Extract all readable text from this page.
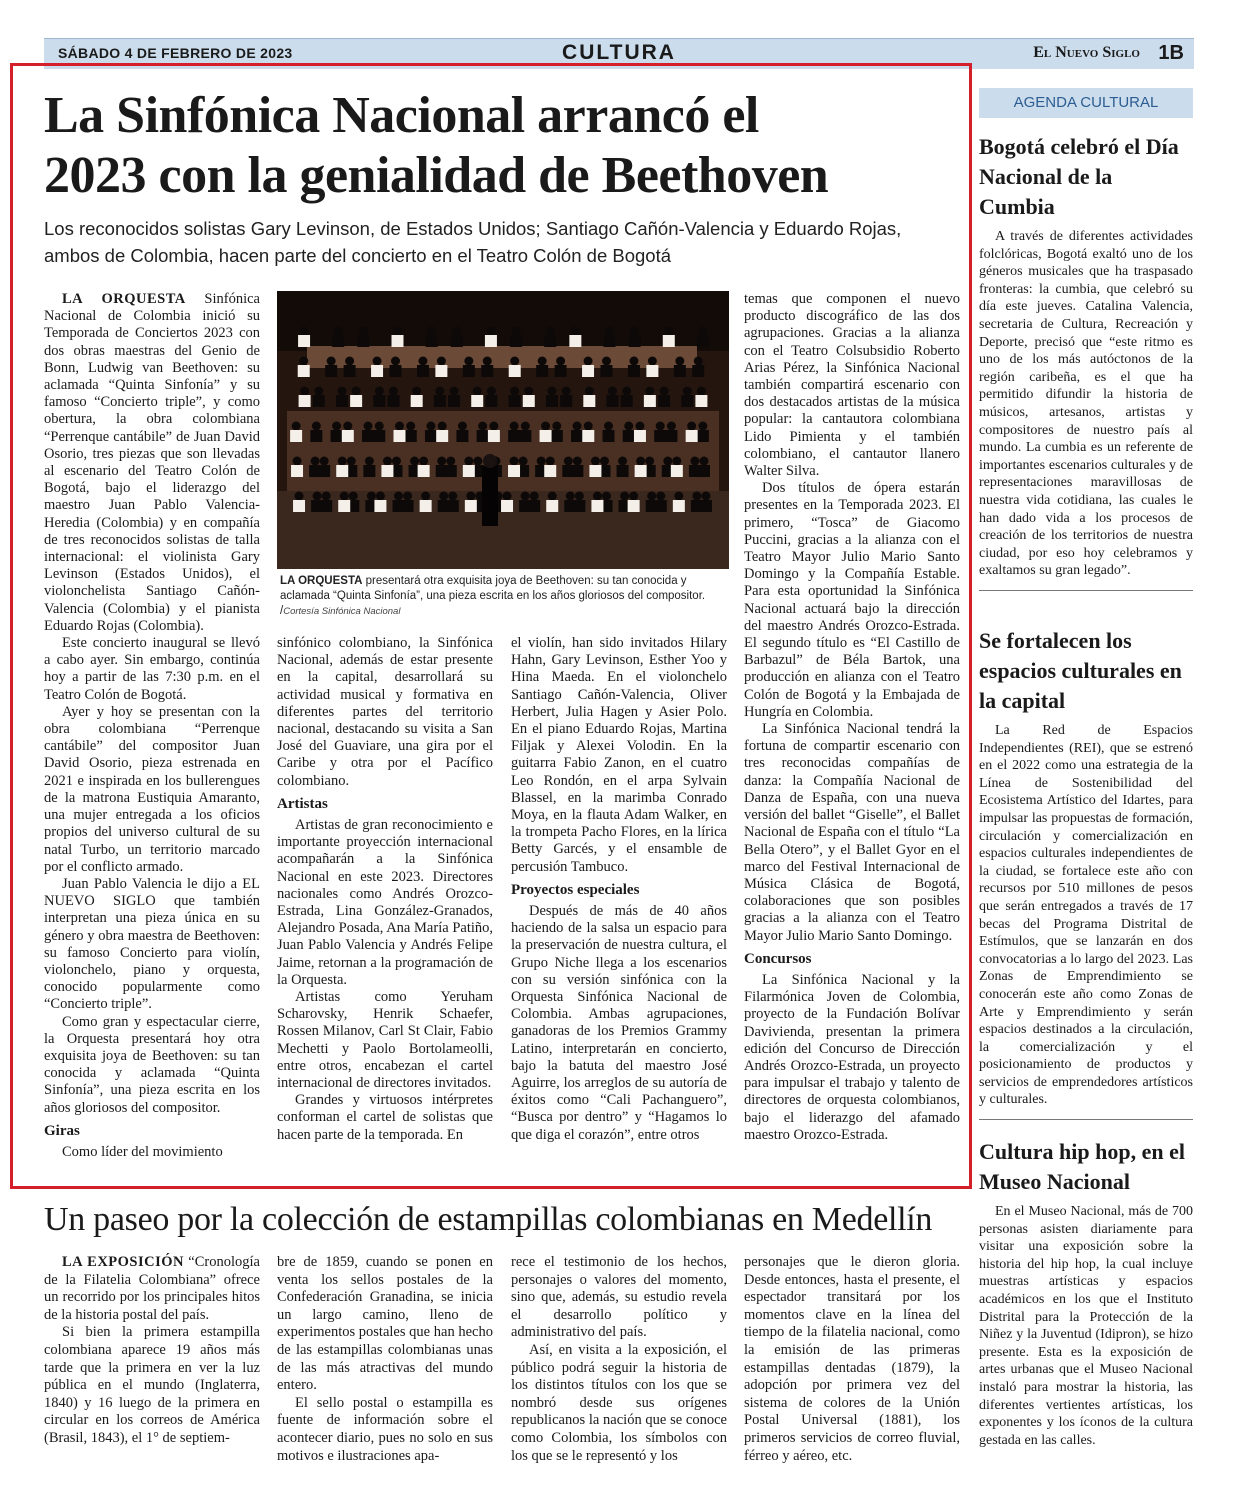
SÁBADO 4 DE FEBRERO DE 2023	CULTURA	El Nuevo Siglo 1B
La Sinfónica Nacional arrancó el
2023 con la genialidad de Beethoven
Los reconocidos solistas Gary Levinson, de Estados Unidos; Santiago Cañón-Valencia y Eduardo Rojas, ambos de Colombia, hacen parte del concierto en el Teatro Colón de Bogotá

LA ORQUESTA Sinfónica Nacional de Colombia inició su Temporada de Conciertos 2023 con dos obras maestras del Genio de Bonn, Ludwig van Beethoven: su aclamada “Quinta Sinfonía” y su famoso “Concierto triple”, y como obertura, la obra colombiana “Perrenque cantábile” de Juan David Osorio, tres piezas que son llevadas al escenario del Teatro Colón de Bogotá, bajo el liderazgo del maestro Juan Pablo Valencia-Heredia (Colombia) y en compañía de tres reconocidos solistas de talla internacional: el violinista Gary Levinson (Estados Unidos), el violonchelista Santiago Cañón-Valencia (Colombia) y el pianista Eduardo Rojas (Colombia).

Este concierto inaugural se llevó a cabo ayer. Sin embargo, continúa hoy a partir de las 7:30 p.m. en el Teatro Colón de Bogotá.

Ayer y hoy se presentan con la obra colombiana “Perrenque cantábile” del compositor Juan David Osorio, pieza estrenada en 2021 e inspirada en los bullerengues de la matrona Eustiquia Amaranto, una mujer entregada a los oficios propios del universo cultural de su natal Turbo, un territorio marcado por el conflicto armado.

Juan Pablo Valencia le dijo a EL NUEVO SIGLO que también interpretan una pieza única en su género y obra maestra de Beethoven: su famoso Concierto para violín, violonchelo, piano y orquesta, conocido popularmente como “Concierto triple”.

Como gran y espectacular cierre, la Orquesta presentará hoy otra exquisita joya de Beethoven: su tan conocida y aclamada “Quinta Sinfonía”, una pieza escrita en los años gloriosos del compositor.

Giras

Como líder del movimiento

LA ORQUESTA presentará otra exquisita joya de Beethoven: su tan conocida y aclamada “Quinta Sinfonía”, una pieza escrita en los años gloriosos del compositor. /Cortesía Sinfónica Nacional

sinfónico colombiano, la Sinfónica Nacional, además de estar presente en la capital, desarrollará su actividad musical y formativa en diferentes partes del territorio nacional, destacando su visita a San José del Guaviare, una gira por el Caribe y otra por el Pacífico colombiano.

Artistas

Artistas de gran reconocimiento e importante proyección internacional acompañarán a la Sinfónica Nacional en este 2023. Directores nacionales como Andrés Orozco-Estrada, Lina González-Granados, Alejandro Posada, Ana María Patiño, Juan Pablo Valencia y Andrés Felipe Jaime, retornan a la programación de la Orquesta.

Artistas como Yeruham Scharovsky, Henrik Schaefer, Rossen Milanov, Carl St Clair, Fabio Mechetti y Paolo Bortolameolli, entre otros, encabezan el cartel internacional de directores invitados.

Grandes y virtuosos intérpretes conforman el cartel de solistas que hacen parte de la temporada. En

el violín, han sido invitados Hilary Hahn, Gary Levinson, Esther Yoo y Hina Maeda. En el violonchelo Santiago Cañón-Valencia, Oliver Herbert, Julia Hagen y Asier Polo. En el piano Eduardo Rojas, Martina Filjak y Alexei Volodin. En la guitarra Fabio Zanon, en el cuatro Leo Rondón, en el arpa Sylvain Blassel, en la marimba Conrado Moya, en la flauta Adam Walker, en la trompeta Pacho Flores, en la lírica Betty Garcés, y el ensamble de percusión Tambuco.

Proyectos especiales

Después de más de 40 años haciendo de la salsa un espacio para la preservación de nuestra cultura, el Grupo Niche llega a los escenarios con su versión sinfónica con la Orquesta Sinfónica Nacional de Colombia. Ambas agrupaciones, ganadoras de los Premios Grammy Latino, interpretarán en concierto, bajo la batuta del maestro José Aguirre, los arreglos de su autoría de éxitos como “Cali Pachanguero”, “Busca por dentro” y “Hagamos lo que diga el corazón”, entre otros

temas que componen el nuevo producto discográfico de las dos agrupaciones. Gracias a la alianza con el Teatro Colsubsidio Roberto Arias Pérez, la Sinfónica Nacional también compartirá escenario con dos destacados artistas de la música popular: la cantautora colombiana Lido Pimienta y el también colombiano, el cantautor llanero Walter Silva.

Dos títulos de ópera estarán presentes en la Temporada 2023. El primero, “Tosca” de Giacomo Puccini, gracias a la alianza con el Teatro Mayor Julio Mario Santo Domingo y la Compañía Estable. Para esta oportunidad la Sinfónica Nacional actuará bajo la dirección del maestro Andrés Orozco-Estrada. El segundo título es “El Castillo de Barbazul” de Béla Bartok, una producción en alianza con el Teatro Colón de Bogotá y la Embajada de Hungría en Colombia.

La Sinfónica Nacional tendrá la fortuna de compartir escenario con tres reconocidas compañías de danza: la Compañía Nacional de Danza de España, con una nueva versión del ballet “Giselle”, el Ballet Nacional de España con el título “La Bella Otero”, y el Ballet Gyor en el marco del Festival Internacional de Música Clásica de Bogotá, colaboraciones que son posibles gracias a la alianza con el Teatro Mayor Julio Mario Santo Domingo.

Concursos

La Sinfónica Nacional y la Filarmónica Joven de Colombia, proyecto de la Fundación Bolívar Davivienda, presentan la primera edición del Concurso de Dirección Andrés Orozco-Estrada, un proyecto para impulsar el trabajo y talento de directores de orquesta colombianos, bajo el liderazgo del afamado maestro Orozco-Estrada.

AGENDA CULTURAL
Bogotá celebró el Día Nacional de la Cumbia

A través de diferentes actividades folclóricas, Bogotá exaltó uno de los géneros musicales que ha traspasado fronteras: la cumbia, que celebró su día este jueves. Catalina Valencia, secretaria de Cultura, Recreación y Deporte, precisó que “este ritmo es uno de los más autóctonos de la región caribeña, es el que ha permitido difundir la historia de músicos, artesanos, artistas y compositores de nuestro país al mundo. La cumbia es un referente de importantes escenarios culturales y de representaciones maravillosas de nuestra vida cotidiana, las cuales le han dado vida a los procesos de creación de los territorios de nuestra ciudad, por eso hoy celebramos y exaltamos su gran legado”.

Se fortalecen los espacios culturales en la capital

La Red de Espacios Independientes (REI), que se estrenó en el 2022 como una estrategia de la Línea de Sostenibilidad del Ecosistema Artístico del Idartes, para impulsar las propuestas de formación, circulación y comercialización en espacios culturales independientes de la ciudad, se fortalece este año con recursos por 510 millones de pesos que serán entregados a través de 17 becas del Programa Distrital de Estímulos, que se lanzarán en dos convocatorias a lo largo del 2023. Las Zonas de Emprendimiento se conocerán este año como Zonas de Arte y Emprendimiento y serán espacios destinados a la circulación, la comercialización y el posicionamiento de productos y servicios de emprendedores artísticos y culturales.

Cultura hip hop, en el Museo Nacional

En el Museo Nacional, más de 700 personas asisten diariamente para visitar una exposición sobre la historia del hip hop, la cual incluye muestras artísticas y espacios académicos en los que el Instituto Distrital para la Protección de la Niñez y la Juventud (Idipron), se hizo presente. Esta es la exposición de artes urbanas que el Museo Nacional instaló para mostrar la historia, las diferentes vertientes artísticas, los exponentes y los íconos de la cultura gestada en las calles.

Un paseo por la colección de estampillas colombianas en Medellín

LA EXPOSICIÓN “Cronología de la Filatelia Colombiana” ofrece un recorrido por los principales hitos de la historia postal del país.

Si bien la primera estampilla colombiana aparece 19 años más tarde que la primera en ver la luz pública en el mundo (Inglaterra, 1840) y 16 luego de la primera en circular en los correos de América (Brasil, 1843), el 1° de septiem-

bre de 1859, cuando se ponen en venta los sellos postales de la Confederación Granadina, se inicia un largo camino, lleno de experimentos postales que han hecho de las estampillas colombianas unas de las más atractivas del mundo entero.

El sello postal o estampilla es fuente de información sobre el acontecer diario, pues no solo en sus motivos e ilustraciones apa-

rece el testimonio de los hechos, personajes o valores del momento, sino que, además, su estudio revela el desarrollo político y administrativo del país.

Así, en visita a la exposición, el público podrá seguir la historia de los distintos títulos con los que se nombró desde sus orígenes republicanos la nación que se conoce como Colombia, los símbolos con los que se le representó y los

personajes que le dieron gloria. Desde entonces, hasta el presente, el espectador transitará por los momentos clave en la línea del tiempo de la filatelia nacional, como la emisión de las primeras estampillas dentadas (1879), la adopción por primera vez del sistema de colores de la Unión Postal Universal (1881), los primeros servicios de correo fluvial, férreo y aéreo, etc.
